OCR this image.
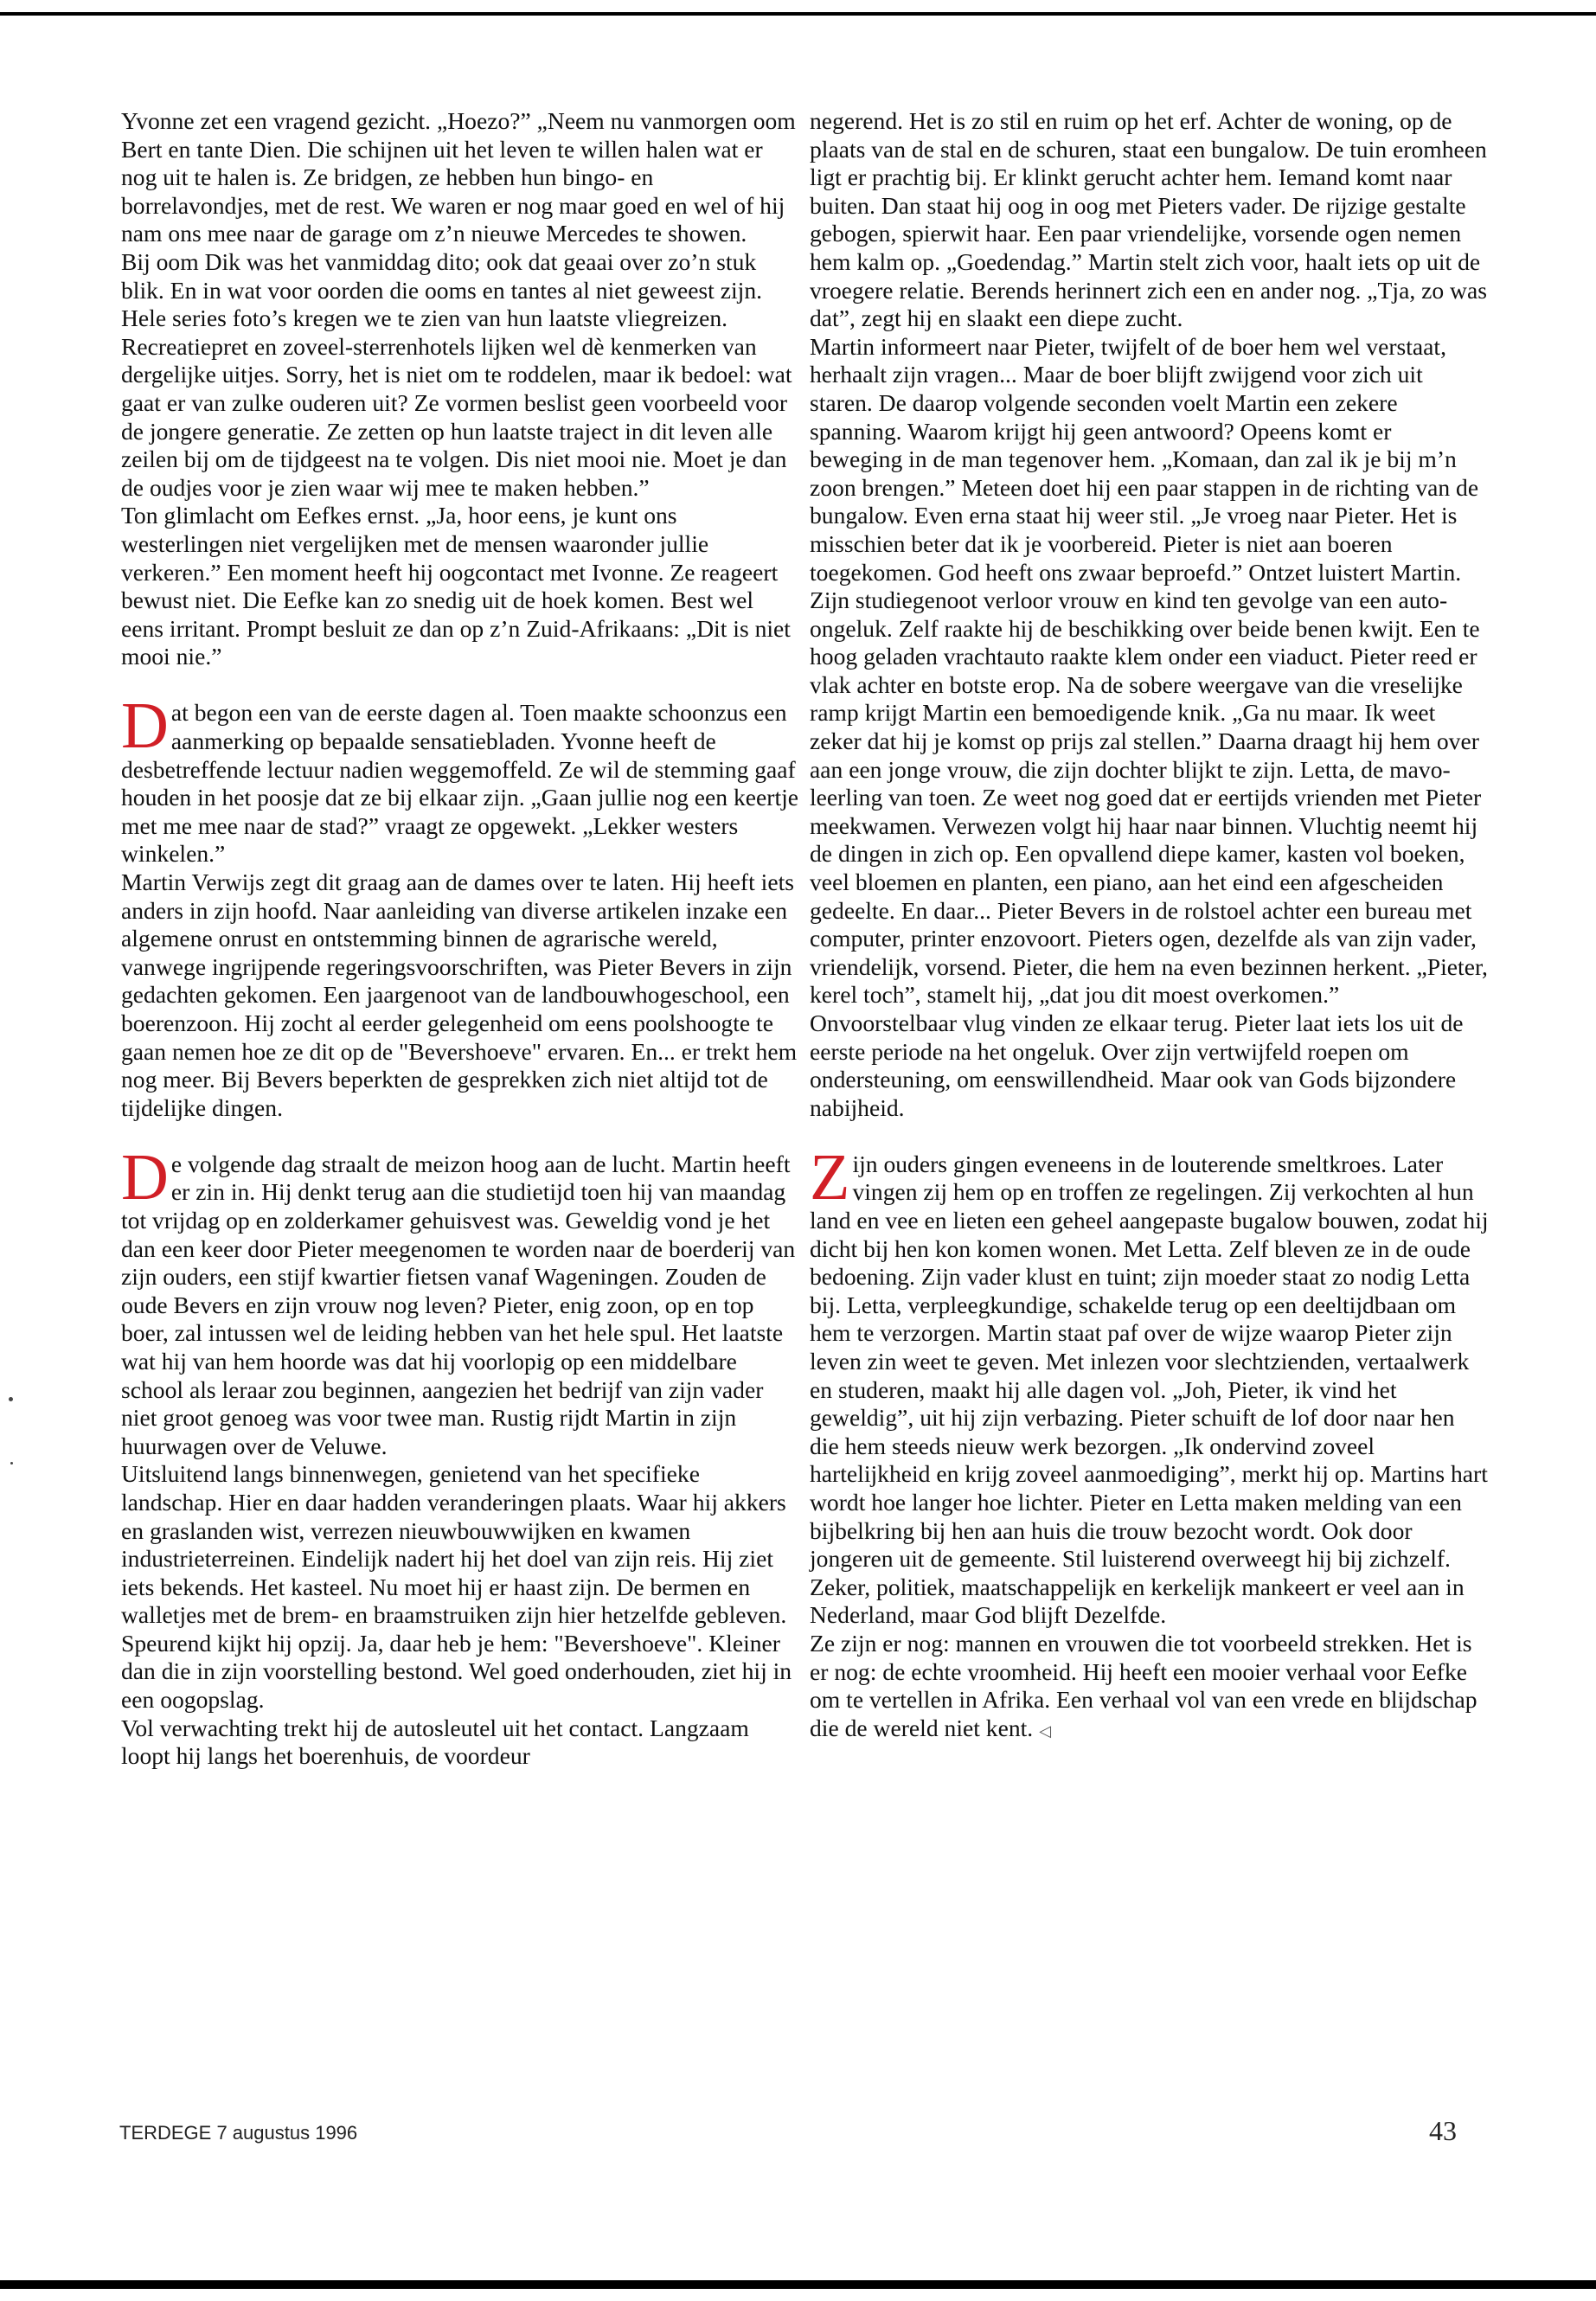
Yvonne zet een vragend gezicht. „Hoezo?” „Neem nu vanmorgen oom Bert en tante Dien. Die schijnen uit het leven te willen halen wat er nog uit te halen is. Ze bridgen, ze hebben hun bingo- en borrelavondjes, met de rest. We waren er nog maar goed en wel of hij nam ons mee naar de garage om z’n nieuwe Mercedes te showen.

Bij oom Dik was het vanmiddag dito; ook dat geaai over zo’n stuk blik. En in wat voor oorden die ooms en tantes al niet geweest zijn. Hele series foto’s kregen we te zien van hun laatste vliegreizen. Recreatiepret en zoveel-sterrenhotels lijken wel dè kenmerken van dergelijke uitjes. Sorry, het is niet om te roddelen, maar ik bedoel: wat gaat er van zulke ouderen uit? Ze vormen beslist geen voorbeeld voor de jongere generatie. Ze zetten op hun laatste traject in dit leven alle zeilen bij om de tijdgeest na te volgen. Dis niet mooi nie. Moet je dan de oudjes voor je zien waar wij mee te maken hebben.”

Ton glimlacht om Eefkes ernst. „Ja, hoor eens, je kunt ons westerlingen niet vergelijken met de mensen waaronder jullie verkeren.” Een moment heeft hij oogcontact met Ivonne. Ze reageert bewust niet. Die Eefke kan zo snedig uit de hoek komen. Best wel eens irritant. Prompt besluit ze dan op z’n Zuid-Afrikaans: „Dit is niet mooi nie.”

Dat begon een van de eerste dagen al. Toen maakte schoonzus een aanmerking op bepaalde sensatiebladen. Yvonne heeft de desbetreffende lectuur nadien weggemoffeld. Ze wil de stemming gaaf houden in het poosje dat ze bij elkaar zijn. „Gaan jullie nog een keertje met me mee naar de stad?” vraagt ze opgewekt. „Lekker westers winkelen.”

Martin Verwijs zegt dit graag aan de dames over te laten. Hij heeft iets anders in zijn hoofd. Naar aanleiding van diverse artikelen inzake een algemene onrust en ontstemming binnen de agrarische wereld, vanwege ingrijpende regeringsvoorschriften, was Pieter Bevers in zijn gedachten gekomen. Een jaargenoot van de landbouwhogeschool, een boerenzoon. Hij zocht al eerder gelegenheid om eens poolshoogte te gaan nemen hoe ze dit op de "Bevershoeve" ervaren. En... er trekt hem nog meer. Bij Bevers beperkten de gesprekken zich niet altijd tot de tijdelijke dingen.

De volgende dag straalt de meizon hoog aan de lucht. Martin heeft er zin in. Hij denkt terug aan die studietijd toen hij van maandag tot vrijdag op en zolderkamer gehuisvest was. Geweldig vond je het dan een keer door Pieter meegenomen te worden naar de boerderij van zijn ouders, een stijf kwartier fietsen vanaf Wageningen. Zouden de oude Bevers en zijn vrouw nog leven? Pieter, enig zoon, op en top boer, zal intussen wel de leiding hebben van het hele spul. Het laatste wat hij van hem hoorde was dat hij voorlopig op een middelbare school als leraar zou beginnen, aangezien het bedrijf van zijn vader niet groot genoeg was voor twee man. Rustig rijdt Martin in zijn huurwagen over de Veluwe.

Uitsluitend langs binnenwegen, genietend van het specifieke landschap. Hier en daar hadden veranderingen plaats. Waar hij akkers en graslanden wist, verrezen nieuwbouwwijken en kwamen industrieterreinen. Eindelijk nadert hij het doel van zijn reis. Hij ziet iets bekends. Het kasteel. Nu moet hij er haast zijn. De bermen en walletjes met de brem- en braamstruiken zijn hier hetzelfde gebleven. Speurend kijkt hij opzij. Ja, daar heb je hem: "Bevershoeve". Kleiner dan die in zijn voorstelling bestond. Wel goed onderhouden, ziet hij in een oogopslag.

Vol verwachting trekt hij de autosleutel uit het contact. Langzaam loopt hij langs het boerenhuis, de voordeur

negerend. Het is zo stil en ruim op het erf. Achter de woning, op de plaats van de stal en de schuren, staat een bungalow. De tuin eromheen ligt er prachtig bij. Er klinkt gerucht achter hem. Iemand komt naar buiten. Dan staat hij oog in oog met Pieters vader. De rijzige gestalte gebogen, spierwit haar. Een paar vriendelijke, vorsende ogen nemen hem kalm op. „Goedendag.” Martin stelt zich voor, haalt iets op uit de vroegere relatie. Berends herinnert zich een en ander nog. „Tja, zo was dat”, zegt hij en slaakt een diepe zucht.

Martin informeert naar Pieter, twijfelt of de boer hem wel verstaat, herhaalt zijn vragen... Maar de boer blijft zwijgend voor zich uit staren. De daarop volgende seconden voelt Martin een zekere spanning. Waarom krijgt hij geen antwoord? Opeens komt er beweging in de man tegenover hem. „Komaan, dan zal ik je bij m’n zoon brengen.” Meteen doet hij een paar stappen in de richting van de bungalow. Even erna staat hij weer stil. „Je vroeg naar Pieter. Het is misschien beter dat ik je voorbereid. Pieter is niet aan boeren toegekomen. God heeft ons zwaar beproefd.” Ontzet luistert Martin.

Zijn studiegenoot verloor vrouw en kind ten gevolge van een auto-ongeluk. Zelf raakte hij de beschikking over beide benen kwijt. Een te hoog geladen vrachtauto raakte klem onder een viaduct. Pieter reed er vlak achter en botste erop. Na de sobere weergave van die vreselijke ramp krijgt Martin een bemoedigende knik. „Ga nu maar. Ik weet zeker dat hij je komst op prijs zal stellen.” Daarna draagt hij hem over aan een jonge vrouw, die zijn dochter blijkt te zijn. Letta, de mavo-leerling van toen. Ze weet nog goed dat er eertijds vrienden met Pieter meekwamen. Verwezen volgt hij haar naar binnen. Vluchtig neemt hij de dingen in zich op. Een opvallend diepe kamer, kasten vol boeken, veel bloemen en planten, een piano, aan het eind een afgescheiden gedeelte. En daar... Pieter Bevers in de rolstoel achter een bureau met computer, printer enzovoort. Pieters ogen, dezelfde als van zijn vader, vriendelijk, vorsend. Pieter, die hem na even bezinnen herkent. „Pieter, kerel toch”, stamelt hij, „dat jou dit moest overkomen.”

Onvoorstelbaar vlug vinden ze elkaar terug. Pieter laat iets los uit de eerste periode na het ongeluk. Over zijn vertwijfeld roepen om ondersteuning, om eenswillendheid. Maar ook van Gods bijzondere nabijheid.

Zijn ouders gingen eveneens in de louterende smeltkroes. Later vingen zij hem op en troffen ze regelingen. Zij verkochten al hun land en vee en lieten een geheel aangepaste bugalow bouwen, zodat hij dicht bij hen kon komen wonen. Met Letta. Zelf bleven ze in de oude bedoening. Zijn vader klust en tuint; zijn moeder staat zo nodig Letta bij. Letta, verpleegkundige, schakelde terug op een deeltijdbaan om hem te verzorgen. Martin staat paf over de wijze waarop Pieter zijn leven zin weet te geven. Met inlezen voor slechtzienden, vertaalwerk en studeren, maakt hij alle dagen vol. „Joh, Pieter, ik vind het geweldig”, uit hij zijn verbazing. Pieter schuift de lof door naar hen die hem steeds nieuw werk bezorgen. „Ik ondervind zoveel hartelijkheid en krijg zoveel aanmoediging”, merkt hij op. Martins hart wordt hoe langer hoe lichter. Pieter en Letta maken melding van een bijbelkring bij hen aan huis die trouw bezocht wordt. Ook door jongeren uit de gemeente. Stil luisterend overweegt hij bij zichzelf. Zeker, politiek, maatschappelijk en kerkelijk mankeert er veel aan in Nederland, maar God blijft Dezelfde.

Ze zijn er nog: mannen en vrouwen die tot voorbeeld strekken. Het is er nog: de echte vroomheid. Hij heeft een mooier verhaal voor Eefke om te vertellen in Afrika. Een verhaal vol van een vrede en blijdschap die de wereld niet kent. ◁

TERDEGE 7 augustus 1996	43
